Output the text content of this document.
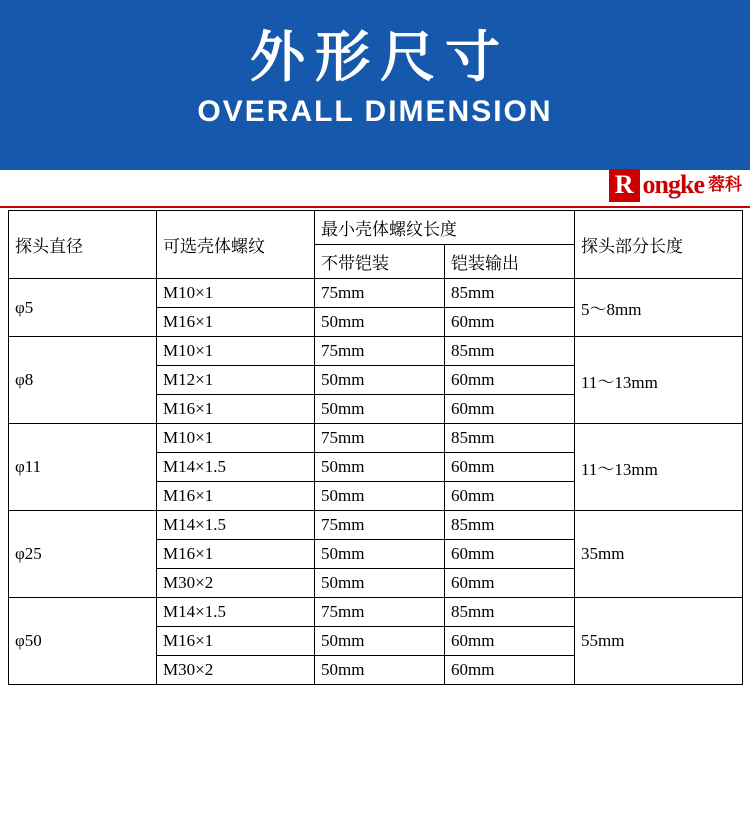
外形尺寸
OVERALL DIMENSION
R ongke 蓉科
探头直径	可选壳体螺纹	最小壳体螺纹长度		探头部分长度
		不带铠装	铠装输出	
φ5	M10×1	75mm	85mm	5～8mm
	M16×1	50mm	60mm	
φ8	M10×1	75mm	85mm	11～13mm
	M12×1	50mm	60mm	
	M16×1	50mm	60mm	
φ11	M10×1	75mm	85mm	11～13mm
	M14×1.5	50mm	60mm	
	M16×1	50mm	60mm	
φ25	M14×1.5	75mm	85mm	35mm
	M16×1	50mm	60mm	
	M30×2	50mm	60mm	
φ50	M14×1.5	75mm	85mm	55mm
	M16×1	50mm	60mm	
	M30×2	50mm	60mm	
